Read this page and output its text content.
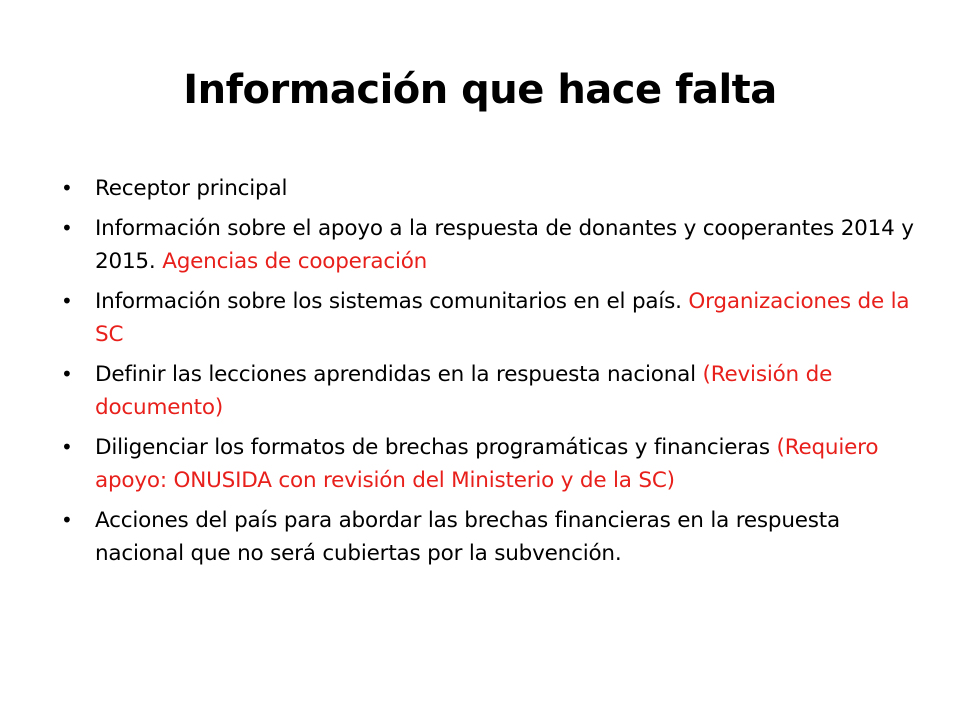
Información que hace falta
• Receptor principal
• Información sobre el apoyo a la respuesta de donantes y cooperantes 2014 y 2015. Agencias de cooperación
• Información sobre los sistemas comunitarios en el país. Organizaciones de la SC
• Definir las lecciones aprendidas en la respuesta nacional (Revisión de documento)
• Diligenciar los formatos de brechas programáticas y financieras (Requiero apoyo: ONUSIDA con revisión del Ministerio y de la SC)
• Acciones del país para abordar las brechas financieras en la respuesta nacional que no será cubiertas por la subvención.
